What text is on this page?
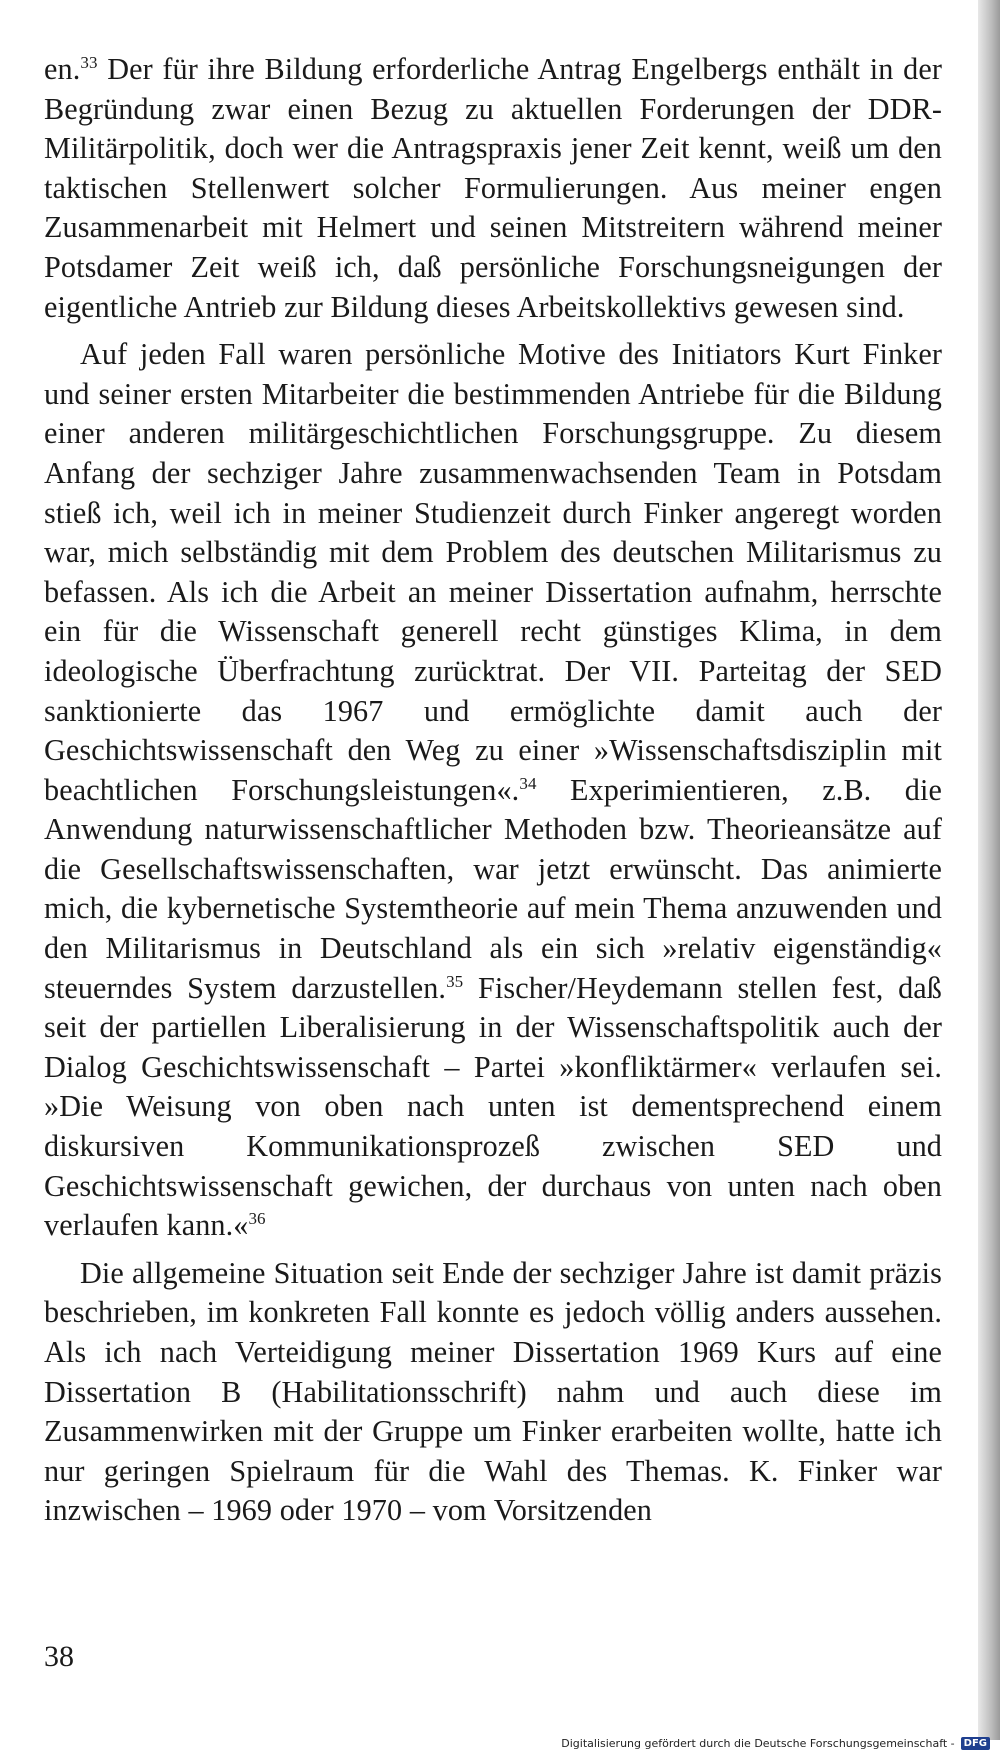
en.$^{33}$ Der für ihre Bildung erforderliche Antrag Engelbergs enthält in der Begründung zwar einen Bezug zu aktuellen Forderungen der DDR-Militärpolitik, doch wer die Antragspraxis jener Zeit kennt, weiß um den taktischen Stellenwert solcher Formulierungen. Aus meiner engen Zusammenarbeit mit Helmert und seinen Mitstreitern während meiner Potsdamer Zeit weiß ich, daß persönliche Forschungsneigungen der eigentliche Antrieb zur Bildung dieses Arbeitskollektivs gewesen sind.

Auf jeden Fall waren persönliche Motive des Initiators Kurt Finker und seiner ersten Mitarbeiter die bestimmenden Antriebe für die Bildung einer anderen militärgeschichtlichen Forschungsgruppe. Zu diesem Anfang der sechziger Jahre zusammenwachsenden Team in Potsdam stieß ich, weil ich in meiner Studienzeit durch Finker angeregt worden war, mich selbständig mit dem Problem des deutschen Militarismus zu befassen. Als ich die Arbeit an meiner Dissertation aufnahm, herrschte ein für die Wissenschaft generell recht günstiges Klima, in dem ideologische Überfrachtung zurücktrat. Der VII. Parteitag der SED sanktionierte das 1967 und ermöglichte damit auch der Geschichtswissenschaft den Weg zu einer »Wissenschaftsdisziplin mit beachtlichen Forschungsleistungen«.$^{34}$ Experimientieren, z.B. die Anwendung naturwissenschaftlicher Methoden bzw. Theorieansätze auf die Gesellschaftswissenschaften, war jetzt erwünscht. Das animierte mich, die kybernetische Systemtheorie auf mein Thema anzuwenden und den Militarismus in Deutschland als ein sich »relativ eigenständig« steuerndes System darzustellen.$^{35}$ Fischer/Heydemann stellen fest, daß seit der partiellen Liberalisierung in der Wissenschaftspolitik auch der Dialog Geschichtswissenschaft – Partei »konfliktärmer« verlaufen sei. »Die Weisung von oben nach unten ist dementsprechend einem diskursiven Kommunikationsprozeß zwischen SED und Geschichtswissenschaft gewichen, der durchaus von unten nach oben verlaufen kann.«$^{36}$

Die allgemeine Situation seit Ende der sechziger Jahre ist damit präzis beschrieben, im konkreten Fall konnte es jedoch völlig anders aussehen. Als ich nach Verteidigung meiner Dissertation 1969 Kurs auf eine Dissertation B (Habilitationsschrift) nahm und auch diese im Zusammenwirken mit der Gruppe um Finker erarbeiten wollte, hatte ich nur geringen Spielraum für die Wahl des Themas. K. Finker war inzwischen – 1969 oder 1970 – vom Vorsitzenden

38
Digitalisierung gefördert durch die Deutsche Forschungsgemeinschaft - DFG
